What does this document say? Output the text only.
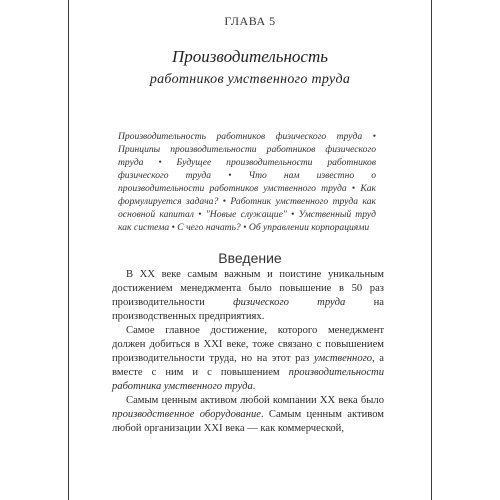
ГЛАВА 5
Производительность
работников умственного труда
Производительность работников физического труда • Принципы производительности работников физического труда • Будущее производительности работников физического труда • Что нам известно о производительности работников умственного труда • Как формулируется задача? • Работник умственного труда как основной капитал • "Новые служащие" • Умственный труд как система • С чего начать? • Об управлении корпорациями
Введение

В XX веке самым важным и поистине уникальным достижением менеджмента было повышение в 50 раз производительности физического труда на производственных предприятиях.

Самое главное достижение, которого менеджмент должен добиться в XXI веке, тоже связано с повышением производительности труда, но на этот раз умственного, а вместе с ним и с повышением производительности работника умственного труда.

Самым ценным активом любой компании XX века было производственное оборудование. Самым ценным активом любой организации XXI века — как коммерческой,
